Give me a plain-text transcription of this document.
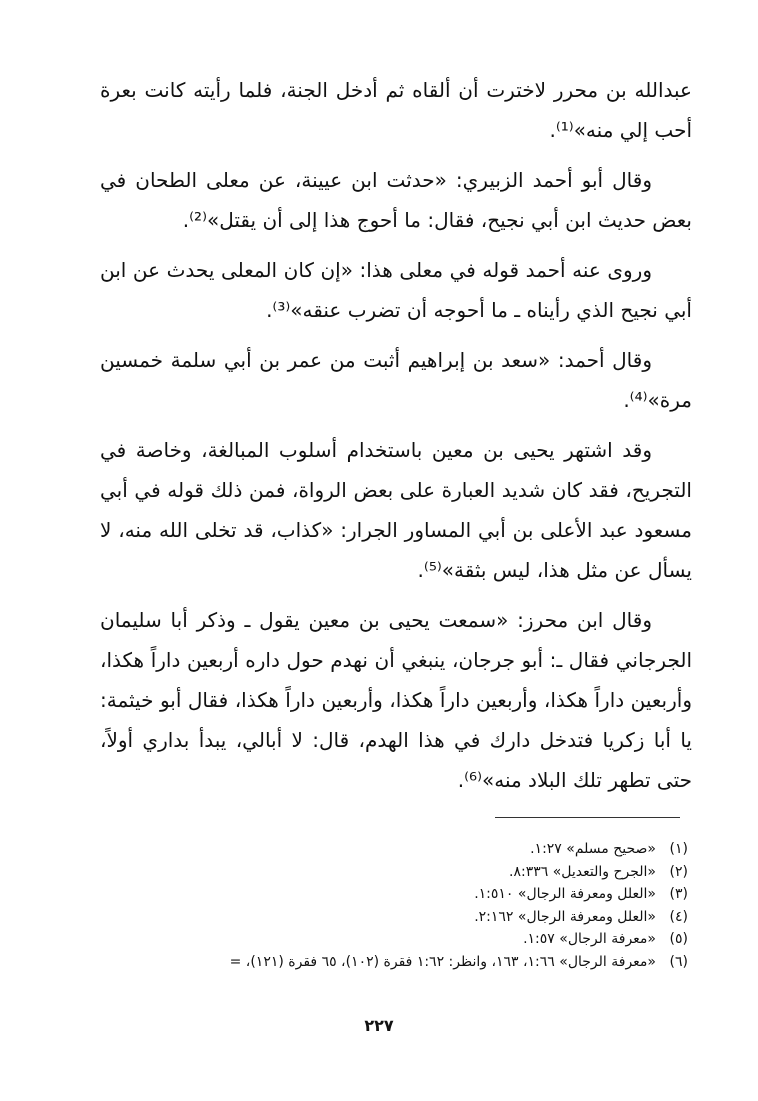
عبدالله بن محرر لاخترت أن ألقاه ثم أدخل الجنة، فلما رأيته كانت بعرة أحب إلي منه»⁽¹⁾.

وقال أبو أحمد الزبيري: «حدثت ابن عيينة، عن معلى الطحان في بعض حديث ابن أبي نجيح، فقال: ما أحوج هذا إلى أن يقتل»⁽²⁾.

وروى عنه أحمد قوله في معلى هذا: «إن كان المعلى يحدث عن ابن أبي نجيح الذي رأيناه ـ ما أحوجه أن تضرب عنقه»⁽³⁾.

وقال أحمد: «سعد بن إبراهيم أثبت من عمر بن أبي سلمة خمسين مرة»⁽⁴⁾.

وقد اشتهر يحيى بن معين باستخدام أسلوب المبالغة، وخاصة في التجريح، فقد كان شديد العبارة على بعض الرواة، فمن ذلك قوله في أبي مسعود عبد الأعلى بن أبي المساور الجرار: «كذاب، قد تخلى الله منه، لا يسأل عن مثل هذا، ليس بثقة»⁽⁵⁾.

وقال ابن محرز: «سمعت يحيى بن معين يقول ـ وذكر أبا سليمان الجرجاني فقال ـ: أبو جرجان، ينبغي أن نهدم حول داره أربعين داراً هكذا، وأربعين داراً هكذا، وأربعين داراً هكذا، وأربعين داراً هكذا، فقال أبو خيثمة: يا أبا زكريا فتدخل دارك في هذا الهدم، قال: لا أبالي، يبدأ بداري أولاً، حتى تطهر تلك البلاد منه»⁽⁶⁾.

(١)
«صحيح مسلم» ١:٢٧.
(٢)
«الجرح والتعديل» ٨:٣٣٦.
(٣)
«العلل ومعرفة الرجال» ١:٥١٠.
(٤)
«العلل ومعرفة الرجال» ٢:١٦٢.
(٥)
«معرفة الرجال» ١:٥٧.
(٦)
«معرفة الرجال» ١:٦٦، ١٦٣، وانظر: ١:٦٢ فقرة (١٠٢)، ٦٥ فقرة (١٢١)، =
٢٢٧
